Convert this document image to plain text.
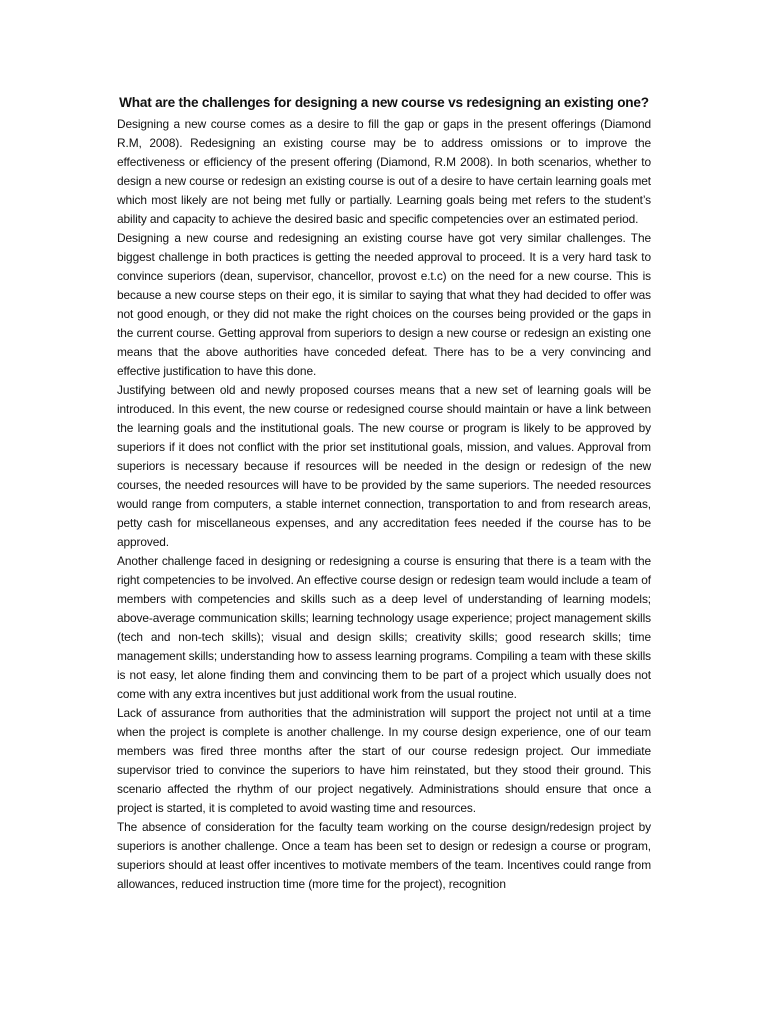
What are the challenges for designing a new course vs redesigning an existing one?

Designing a new course comes as a desire to fill the gap or gaps in the present offerings (Diamond R.M, 2008). Redesigning an existing course may be to address omissions or to improve the effectiveness or efficiency of the present offering (Diamond, R.M 2008). In both scenarios, whether to design a new course or redesign an existing course is out of a desire to have certain learning goals met which most likely are not being met fully or partially. Learning goals being met refers to the student’s ability and capacity to achieve the desired basic and specific competencies over an estimated period.

Designing a new course and redesigning an existing course have got very similar challenges. The biggest challenge in both practices is getting the needed approval to proceed. It is a very hard task to convince superiors (dean, supervisor, chancellor, provost e.t.c) on the need for a new course. This is because a new course steps on their ego, it is similar to saying that what they had decided to offer was not good enough, or they did not make the right choices on the courses being provided or the gaps in the current course. Getting approval from superiors to design a new course or redesign an existing one means that the above authorities have conceded defeat. There has to be a very convincing and effective justification to have this done.

Justifying between old and newly proposed courses means that a new set of learning goals will be introduced. In this event, the new course or redesigned course should maintain or have a link between the learning goals and the institutional goals. The new course or program is likely to be approved by superiors if it does not conflict with the prior set institutional goals, mission, and values. Approval from superiors is necessary because if resources will be needed in the design or redesign of the new courses, the needed resources will have to be provided by the same superiors. The needed resources would range from computers, a stable internet connection, transportation to and from research areas, petty cash for miscellaneous expenses, and any accreditation fees needed if the course has to be approved.

Another challenge faced in designing or redesigning a course is ensuring that there is a team with the right competencies to be involved. An effective course design or redesign team would include a team of members with competencies and skills such as a deep level of understanding of learning models; above-average communication skills; learning technology usage experience; project management skills (tech and non-tech skills); visual and design skills; creativity skills; good research skills; time management skills; understanding how to assess learning programs. Compiling a team with these skills is not easy, let alone finding them and convincing them to be part of a project which usually does not come with any extra incentives but just additional work from the usual routine.

Lack of assurance from authorities that the administration will support the project not until at a time when the project is complete is another challenge. In my course design experience, one of our team members was fired three months after the start of our course redesign project. Our immediate supervisor tried to convince the superiors to have him reinstated, but they stood their ground. This scenario affected the rhythm of our project negatively. Administrations should ensure that once a project is started, it is completed to avoid wasting time and resources.

The absence of consideration for the faculty team working on the course design/redesign project by superiors is another challenge. Once a team has been set to design or redesign a course or program, superiors should at least offer incentives to motivate members of the team. Incentives could range from allowances, reduced instruction time (more time for the project), recognition
